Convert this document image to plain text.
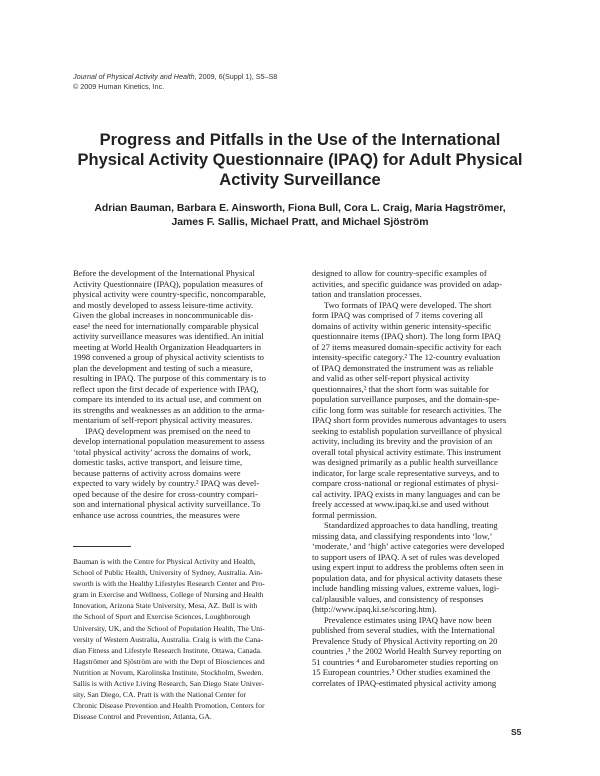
Journal of Physical Activity and Health, 2009, 6(Suppl 1), S5–S8
© 2009 Human Kinetics, Inc.
Progress and Pitfalls in the Use of the International
Physical Activity Questionnaire (IPAQ) for Adult Physical
Activity Surveillance
Adrian Bauman, Barbara E. Ainsworth, Fiona Bull, Cora L. Craig, Maria Hagströmer,
James F. Sallis, Michael Pratt, and Michael Sjöström
Before the development of the International Physical
Activity Questionnaire (IPAQ), population measures of
physical activity were country-specific, noncomparable,
and mostly developed to assess leisure-time activity.
Given the global increases in noncommunicable dis-
ease¹ the need for internationally comparable physical
activity surveillance measures was identified. An initial
meeting at World Health Organization Headquarters in
1998 convened a group of physical activity scientists to
plan the development and testing of such a measure,
resulting in IPAQ. The purpose of this commentary is to
reflect upon the first decade of experience with IPAQ,
compare its intended to its actual use, and comment on
its strengths and weaknesses as an addition to the arma-
mentarium of self-report physical activity measures.
IPAQ development was premised on the need to
develop international population measurement to assess
‘total physical activity’ across the domains of work,
domestic tasks, active transport, and leisure time,
because patterns of activity across domains were
expected to vary widely by country.² IPAQ was devel-
oped because of the desire for cross-country compari-
son and international physical activity surveillance. To
enhance use across countries, the measures were
Bauman is with the Centre for Physical Activity and Health,
School of Public Health, University of Sydney, Australia. Ain-
sworth is with the Healthy Lifestyles Research Center and Pro-
gram in Exercise and Wellness, College of Nursing and Health
Innovation, Arizona State University, Mesa, AZ. Bull is with
the School of Sport and Exercise Sciences, Loughborough
University, UK, and the School of Population Health, The Uni-
versity of Western Australia, Australia. Craig is with the Cana-
dian Fitness and Lifestyle Research Institute, Ottawa, Canada.
Hagströmer and Sjöström are with the Dept of Biosciences and
Nutrition at Novum, Karolinska Institute, Stockholm, Sweden.
Sallis is with Active Living Research, San Diego State Univer-
sity, San Diego, CA. Pratt is with the National Center for
Chronic Disease Prevention and Health Promotion, Centers for
Disease Control and Prevention, Atlanta, GA.
designed to allow for country-specific examples of
activities, and specific guidance was provided on adap-
tation and translation processes.
Two formats of IPAQ were developed. The short
form IPAQ was comprised of 7 items covering all
domains of activity within generic intensity-specific
questionnaire items (IPAQ short). The long form IPAQ
of 27 items measured domain-specific activity for each
intensity-specific category.² The 12-country evaluation
of IPAQ demonstrated the instrument was as reliable
and valid as other self-report physical activity
questionnaires,² that the short form was suitable for
population surveillance purposes, and the domain-spe-
cific long form was suitable for research activities. The
IPAQ short form provides numerous advantages to users
seeking to establish population surveillance of physical
activity, including its brevity and the provision of an
overall total physical activity estimate. This instrument
was designed primarily as a public health surveillance
indicator, for large scale representative surveys, and to
compare cross-national or regional estimates of physi-
cal activity. IPAQ exists in many languages and can be
freely accessed at www.ipaq.ki.se and used without
formal permission.
Standardized approaches to data handling, treating
missing data, and classifying respondents into ‘low,’
‘moderate,’ and ‘high’ active categories were developed
to support users of IPAQ. A set of rules was developed
using expert input to address the problems often seen in
population data, and for physical activity datasets these
include handling missing values, extreme values, logi-
cal/plausible values, and consistency of responses
(http://www.ipaq.ki.se/scoring.htm).
Prevalence estimates using IPAQ have now been
published from several studies, with the International
Prevalence Study of Physical Activity reporting on 20
countries ,³ the 2002 World Health Survey reporting on
51 countries ⁴ and Eurobarometer studies reporting on
15 European countries.⁵ Other studies examined the
correlates of IPAQ-estimated physical activity among
S5
